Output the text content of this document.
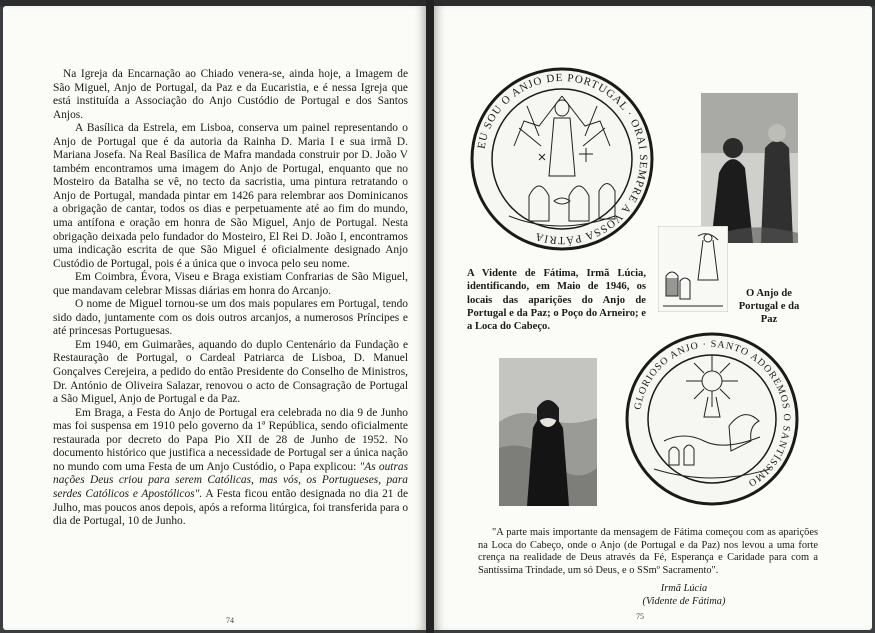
Na Igreja da Encarnação ao Chiado venera-se, ainda hoje, a Imagem de São Miguel, Anjo de Portugal, da Paz e da Eucaristia, e é nessa Igreja que está instituída a Associação do Anjo Custódio de Portugal e dos Santos Anjos.

A Basílica da Estrela, em Lisboa, conserva um painel representando o Anjo de Portugal que é da autoria da Rainha D. Maria I e sua irmã D. Mariana Josefa. Na Real Basílica de Mafra mandada construir por D. João V também encontramos uma imagem do Anjo de Portugal, enquanto que no Mosteiro da Batalha se vê, no tecto da sacristia, uma pintura retratando o Anjo de Portugal, mandada pintar em 1426 para relembrar aos Dominicanos a obrigação de cantar, todos os dias e perpetuamente até ao fim do mundo, uma antífona e oração em honra de São Miguel, Anjo de Portugal. Nesta obrigação deixada pelo fundador do Mosteiro, El Rei D. João I, encontramos uma indicação escrita de que São Miguel é oficialmente designado Anjo Custódio de Portugal, pois é a única que o invoca pelo seu nome.

Em Coimbra, Évora, Viseu e Braga existiam Confrarias de São Miguel, que mandavam celebrar Missas diárias em honra do Arcanjo.

O nome de Miguel tornou-se um dos mais populares em Portugal, tendo sido dado, juntamente com os dois outros arcanjos, a numerosos Príncipes e até princesas Portuguesas.

Em 1940, em Guimarães, aquando do duplo Centenário da Fundação e Restauração de Portugal, o Cardeal Patriarca de Lisboa, D. Manuel Gonçalves Cerejeira, a pedido do então Presidente do Conselho de Ministros, Dr. António de Oliveira Salazar, renovou o acto de Consagração de Portugal a São Miguel, Anjo de Portugal e da Paz.

Em Braga, a Festa do Anjo de Portugal era celebrada no dia 9 de Junho mas foi suspensa em 1910 pelo governo da 1ª República, sendo oficialmente restaurada por decreto do Papa Pio XII de 28 de Junho de 1952. No documento histórico que justifica a necessidade de Portugal ser a única nação no mundo com uma Festa de um Anjo Custódio, o Papa explicou: "As outras nações Deus criou para serem Católicas, mas vós, os Portugueses, para serdes Católicos e Apostólicos". A Festa ficou então designada no dia 21 de Julho, mas poucos anos depois, após a reforma litúrgica, foi transferida para o dia de Portugal, 10 de Junho.

74
EU SOU O ANJO DE PORTUGAL · ORAI SEMPRE A VOSSA PÁTRIA
A Vidente de Fátima, Irmã Lúcia, identificando, em Maio de 1946, os locais das aparições do Anjo de Portugal e da Paz; o Poço do Arneiro; e a Loca do Cabeço.
O Anjo de Portugal e da Paz
GLORIOSO ANJO · SANTO ADOREMOS O SANTÍSSIMO

"A parte mais importante da mensagem de Fátima começou com as aparições na Loca do Cabeço, onde o Anjo (de Portugal e da Paz) nos levou a uma forte crença na realidade de Deus através da Fé, Esperança e Caridade para com a Santíssima Trindade, um só Deus, e o SSmº Sacramento".

Irmã Lúcia
(Vidente de Fátima)
75
